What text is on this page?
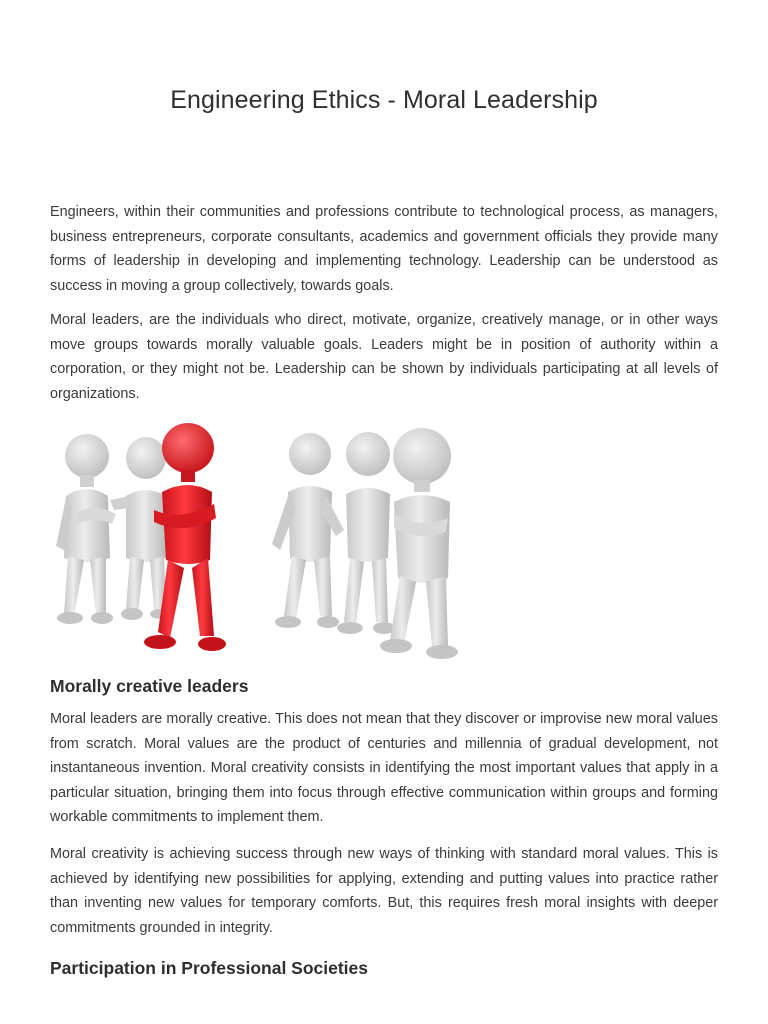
Engineering Ethics - Moral Leadership

Engineers, within their communities and professions contribute to technological process, as managers, business entrepreneurs, corporate consultants, academics and government officials they provide many forms of leadership in developing and implementing technology. Leadership can be understood as success in moving a group collectively, towards goals.

Moral leaders, are the individuals who direct, motivate, organize, creatively manage, or in other ways move groups towards morally valuable goals. Leaders might be in position of authority within a corporation, or they might not be. Leadership can be shown by individuals participating at all levels of organizations.

Morally creative leaders

Moral leaders are morally creative. This does not mean that they discover or improvise new moral values from scratch. Moral values are the product of centuries and millennia of gradual development, not instantaneous invention. Moral creativity consists in identifying the most important values that apply in a particular situation, bringing them into focus through effective communication within groups and forming workable commitments to implement them.

Moral creativity is achieving success through new ways of thinking with standard moral values. This is achieved by identifying new possibilities for applying, extending and putting values into practice rather than inventing new values for temporary comforts. But, this requires fresh moral insights with deeper commitments grounded in integrity.

Participation in Professional Societies
